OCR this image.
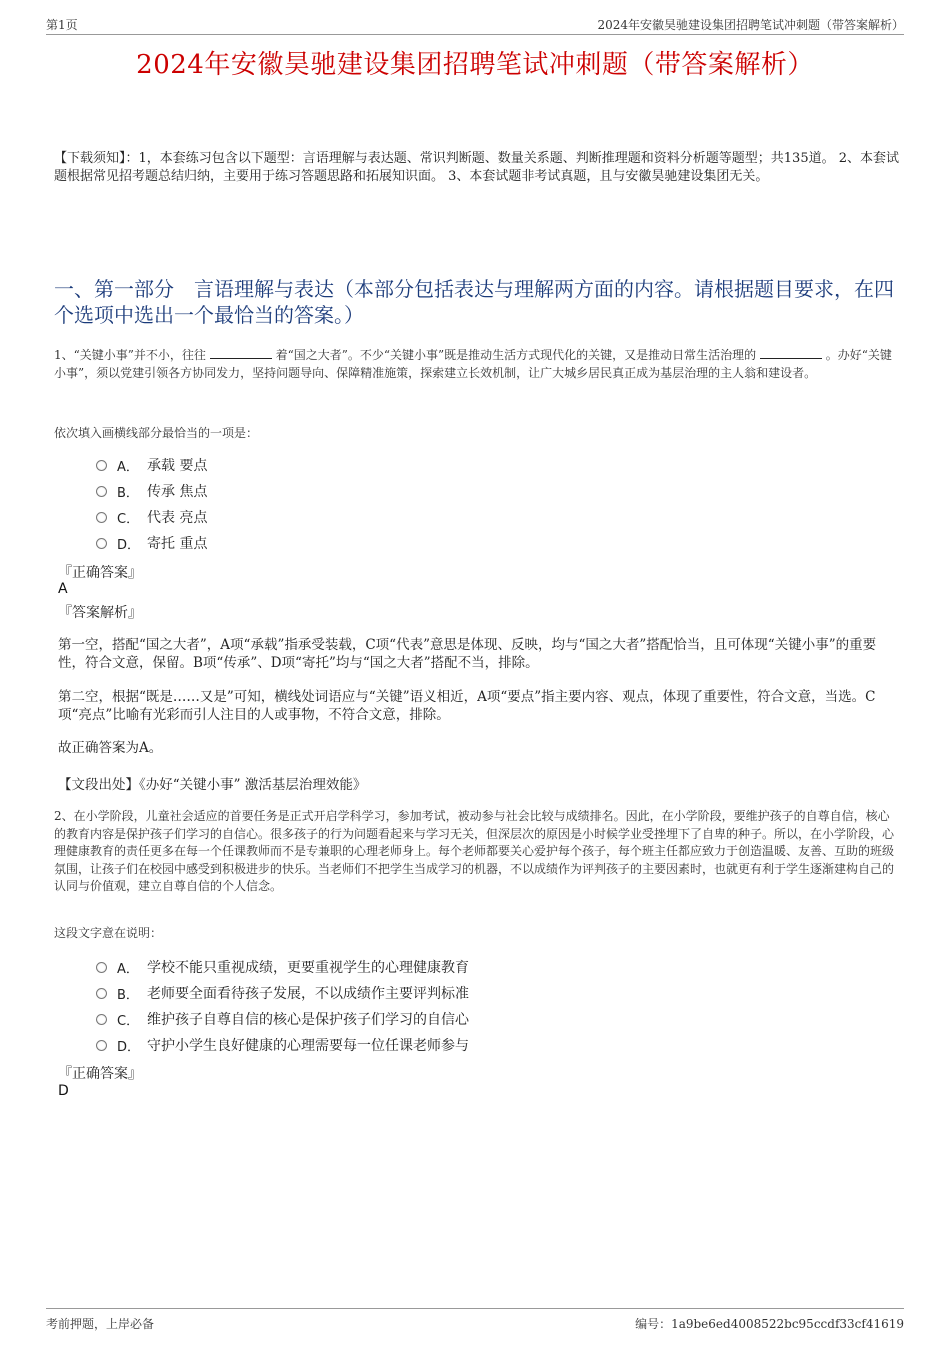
第1页	2024年安徽昊驰建设集团招聘笔试冲刺题（带答案解析）
2024年安徽昊驰建设集团招聘笔试冲刺题（带答案解析）
【下载须知】：1，本套练习包含以下题型：言语理解与表达题、常识判断题、数量关系题、判断推理题和资料分析题等题型；共135道。 2、本套试题根据常见招考题总结归纳，主要用于练习答题思路和拓展知识面。 3、本套试题非考试真题，且与安徽昊驰建设集团无关。
一、第一部分　言语理解与表达（本部分包括表达与理解两方面的内容。请根据题目要求，在四个选项中选出一个最恰当的答案。）
1、“关键小事”并不小，往往	着“国之大者”。不少“关键小事”既是推动生活方式现代化的关键，又是推动日常生活治理的	。办好“关键小事”，须以党建引领各方协同发力，坚持问题导向、保障精准施策，探索建立长效机制，让广大城乡居民真正成为基层治理的主人翁和建设者。
依次填入画横线部分最恰当的一项是：
A． 承载 要点
B． 传承 焦点
C． 代表 亮点
D． 寄托 重点
『正确答案』
A
『答案解析』
第一空，搭配“国之大者”，A项“承载”指承受装载，C项“代表”意思是体现、反映，均与“国之大者”搭配恰当，且可体现“关键小事”的重要性，符合文意，保留。B项“传承”、D项“寄托”均与“国之大者”搭配不当，排除。
第二空，根据“既是……又是”可知，横线处词语应与“关键”语义相近，A项“要点”指主要内容、观点，体现了重要性，符合文意，当选。C项“亮点”比喻有光彩而引人注目的人或事物，不符合文意，排除。
故正确答案为A。
【文段出处】《办好“关键小事” 激活基层治理效能》
2、在小学阶段，儿童社会适应的首要任务是正式开启学科学习，参加考试，被动参与社会比较与成绩排名。因此，在小学阶段，要维护孩子的自尊自信，核心的教育内容是保护孩子们学习的自信心。很多孩子的行为问题看起来与学习无关，但深层次的原因是小时候学业受挫埋下了自卑的种子。所以，在小学阶段，心理健康教育的责任更多在每一个任课教师而不是专兼职的心理老师身上。每个老师都要关心爱护每个孩子，每个班主任都应致力于创造温暖、友善、互助的班级氛围，让孩子们在校园中感受到积极进步的快乐。当老师们不把学生当成学习的机器，不以成绩作为评判孩子的主要因素时，也就更有利于学生逐渐建构自己的认同与价值观，建立自尊自信的个人信念。
这段文字意在说明：
A． 学校不能只重视成绩，更要重视学生的心理健康教育
B． 老师要全面看待孩子发展，不以成绩作主要评判标准
C． 维护孩子自尊自信的核心是保护孩子们学习的自信心
D． 守护小学生良好健康的心理需要每一位任课老师参与
『正确答案』
D
考前押题，上岸必备	编号：1a9be6ed4008522bc95ccdf33cf41619
